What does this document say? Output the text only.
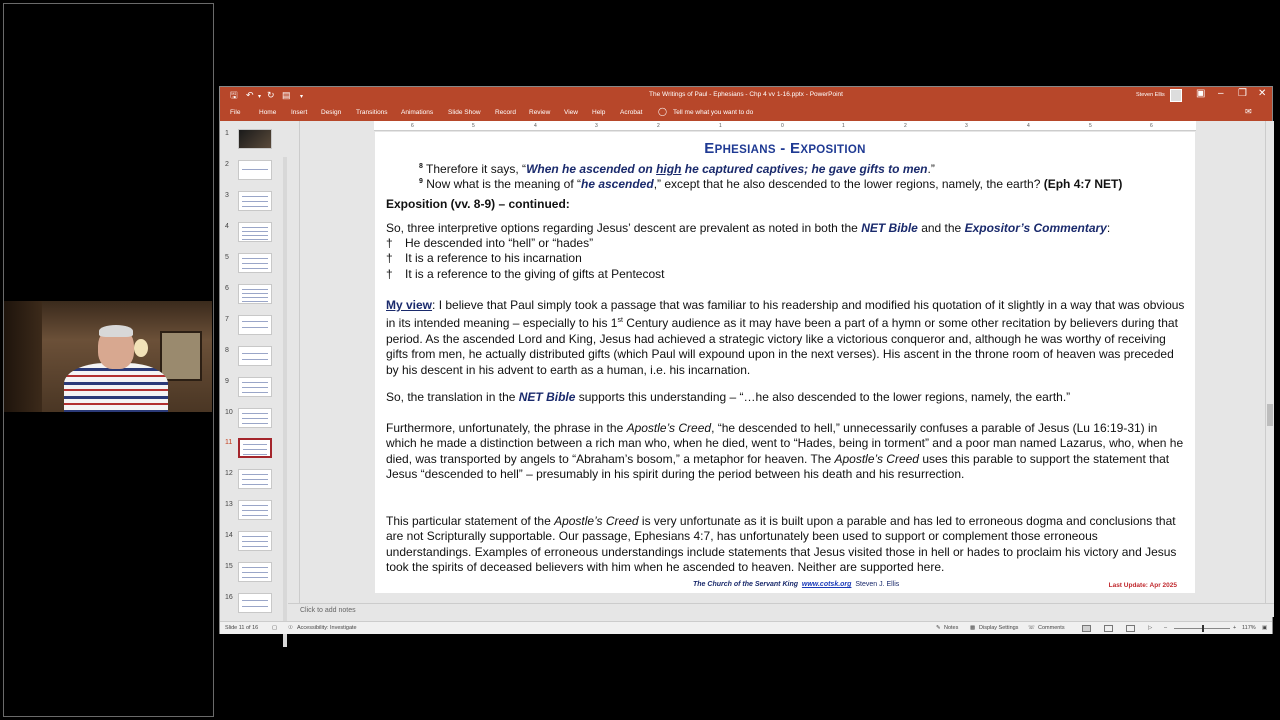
🖫 ↶ ▾ ↻ ▤ ▾	The Writings of Paul - Ephesians - Chp 4 vv 1-16.pptx - PowerPoint	Steven Ellis	▣ – ❐ ✕
File	Home Insert Design Transitions Animations Slide Show Record Review View Help Acrobat ◯ Tell me what you want to do	✉
1
2
3
4
5
6
7
8
9
10
11
12
13
14
15
16
6	5	4	3	2	1	0	1	2	3	4	5	6
EPHESIANS - EXPOSITION
$^8$ Therefore it says, “When he ascended on high he captured captives; he gave gifts to men.”
$^9$ Now what is the meaning of “he ascended,” except that he also descended to the lower regions, namely, the earth? (Eph 4:7 NET)
Exposition (vv. 8-9) – continued:
So, three interpretive options regarding Jesus’ descent are prevalent as noted in both the NET Bible and the Expositor’s Commentary:
† He descended into “hell” or “hades”
† It is a reference to his incarnation
† It is a reference to the giving of gifts at Pentecost
My view: I believe that Paul simply took a passage that was familiar to his readership and modified his quotation of it slightly in a way that was obvious in its intended meaning – especially to his 1st Century audience as it may have been a part of a hymn or some other recitation by believers during that period. As the ascended Lord and King, Jesus had achieved a strategic victory like a victorious conqueror and, although he was worthy of receiving gifts from men, he actually distributed gifts (which Paul will expound upon in the next verses). His ascent in the throne room of heaven was preceded by his descent in his advent to earth as a human, i.e. his incarnation.
So, the translation in the NET Bible supports this understanding – “…he also descended to the lower regions, namely, the earth.”
Furthermore, unfortunately, the phrase in the Apostle’s Creed, “he descended to hell,” unnecessarily confuses a parable of Jesus (Lu 16:19-31) in which he made a distinction between a rich man who, when he died, went to “Hades, being in torment” and a poor man named Lazarus, who, when he died, was transported by angels to “Abraham’s bosom,” a metaphor for heaven. The Apostle’s Creed uses this parable to support the statement that Jesus “descended to hell” – presumably in his spirit during the period between his death and his resurrection.
This particular statement of the Apostle’s Creed is very unfortunate as it is built upon a parable and has led to erroneous dogma and conclusions that are not Scripturally supportable. Our passage, Ephesians 4:7, has unfortunately been used to support or complement those erroneous understandings. Examples of erroneous understandings include statements that Jesus visited those in hell or hades to proclaim his victory and Jesus took the spirits of deceased believers with him when he ascended to heaven. Neither are supported here.
The Church of the Servant King www.cotsk.org Steven J. Ellis	Last Update: Apr 2025
Click to add notes
Slide 11 of 16	▢ ☉ Accessibility: Investigate	✎ Notes ▩ Display Settings ☏ Comments	▷ –	+ 117% ▣
